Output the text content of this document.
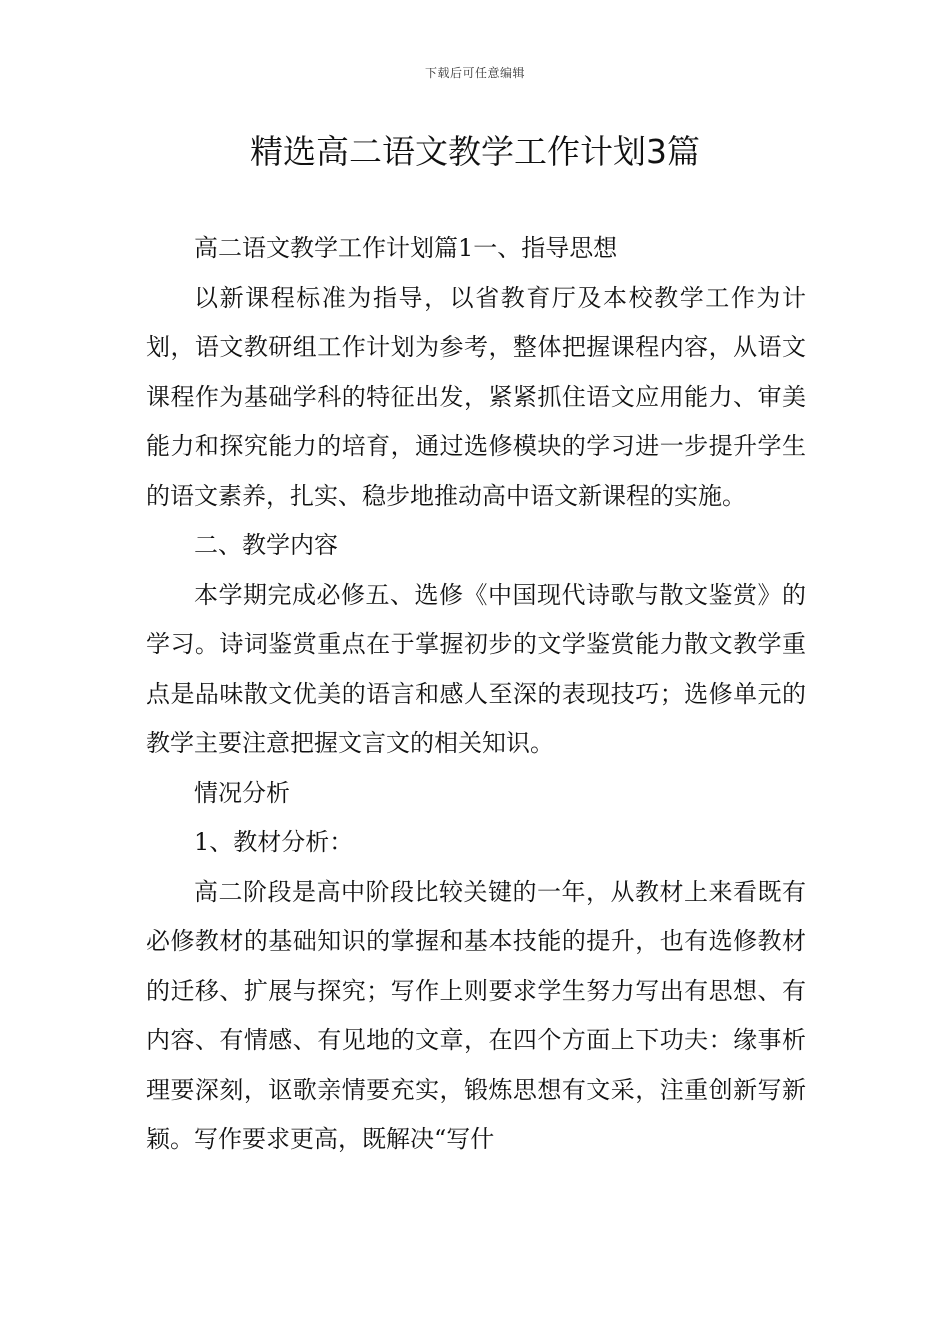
下载后可任意编辑
精选高二语文教学工作计划3篇

高二语文教学工作计划篇1一、指导思想

以新课程标准为指导，以省教育厅及本校教学工作为计划，语文教研组工作计划为参考，整体把握课程内容，从语文课程作为基础学科的特征出发，紧紧抓住语文应用能力、审美能力和探究能力的培育，通过选修模块的学习进一步提升学生的语文素养，扎实、稳步地推动高中语文新课程的实施。

二、教学内容

本学期完成必修五、选修《中国现代诗歌与散文鉴赏》的学习。诗词鉴赏重点在于掌握初步的文学鉴赏能力散文教学重点是品味散文优美的语言和感人至深的表现技巧；选修单元的教学主要注意把握文言文的相关知识。

情况分析

1、教材分析：

高二阶段是高中阶段比较关键的一年，从教材上来看既有必修教材的基础知识的掌握和基本技能的提升，也有选修教材的迁移、扩展与探究；写作上则要求学生努力写出有思想、有内容、有情感、有见地的文章，在四个方面上下功夫：缘事析理要深刻，讴歌亲情要充实，锻炼思想有文采，注重创新写新颖。写作要求更高，既解决“写什
